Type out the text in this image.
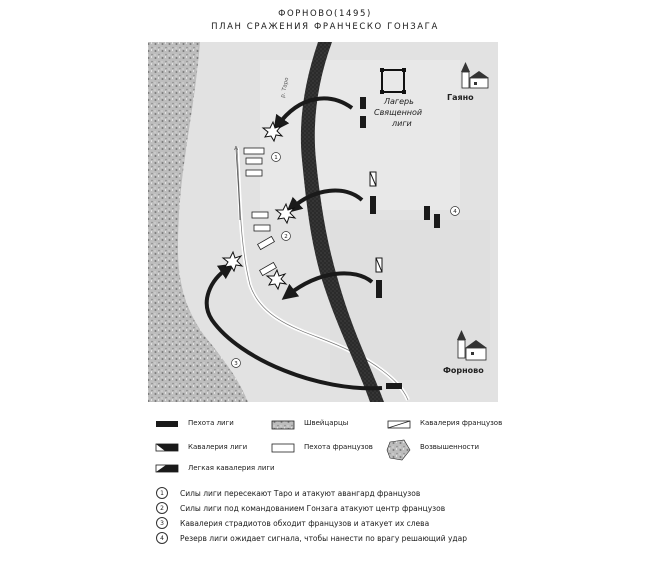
ФОРНОВО(1495)
ПЛАН СРАЖЕНИЯ ФРАНЧЕСКО ГОНЗАГА
р. Таро
Лагерь
Священной
лиги
Гаяно
Форново
1
2
3
4
Пехота лиги	Швейцарцы	Кавалерия французов
Кавалерия лиги	Пехота французов	Возвышенности
Легкая кавалерия лиги
1	Силы лиги пересекают Таро и атакуют авангард французов
2	Силы лиги под командованием Гонзага атакуют центр французов
3	Кавалерия страдиотов обходит французов и атакует их слева
4	Резерв лиги ожидает сигнала, чтобы нанести по врагу решающий удар
